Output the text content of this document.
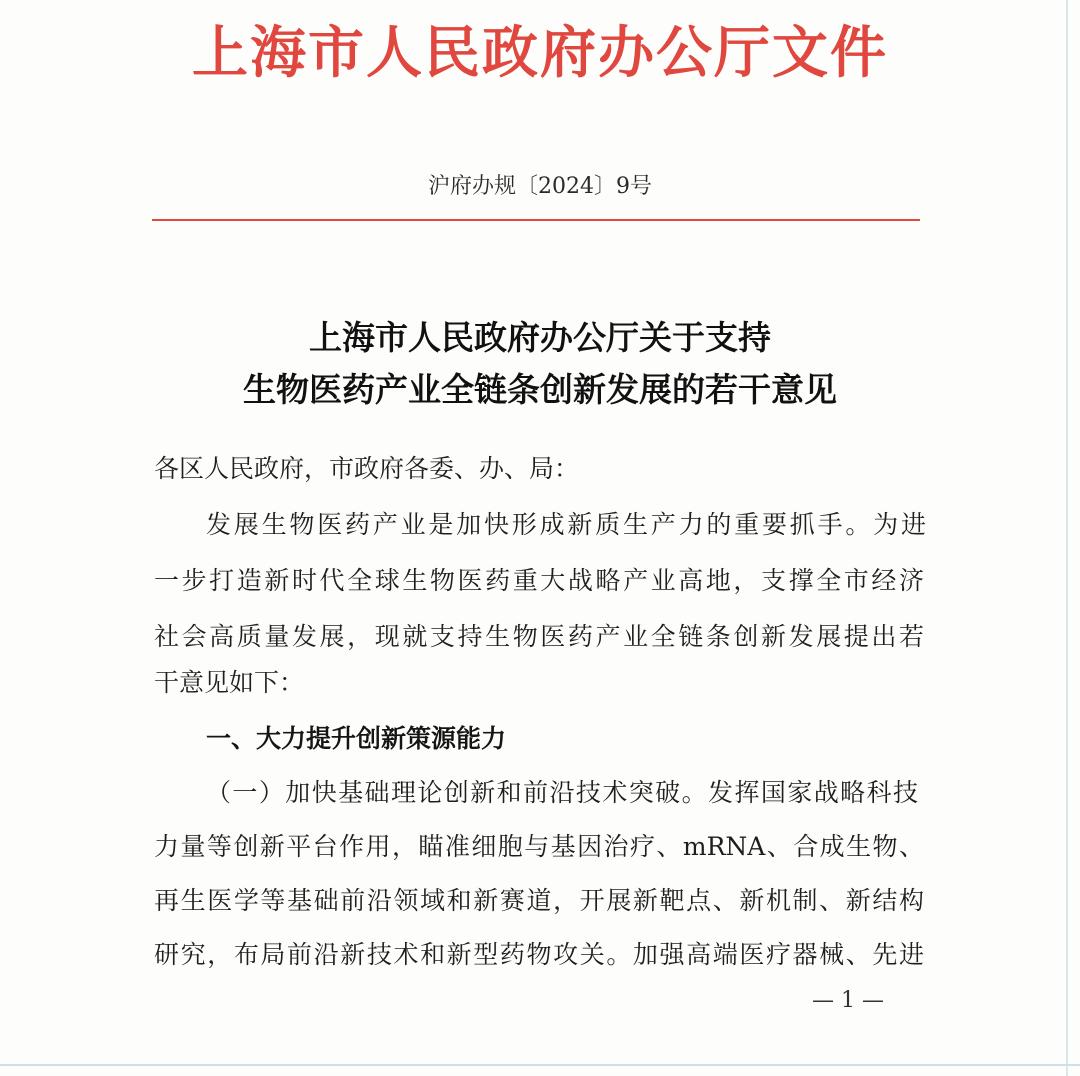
上海市人民政府办公厅文件
沪府办规〔2024〕9号
上海市人民政府办公厅关于支持
生物医药产业全链条创新发展的若干意见
各区人民政府，市政府各委、办、局：
发展生物医药产业是加快形成新质生产力的重要抓手。为进
一步打造新时代全球生物医药重大战略产业高地，支撑全市经济
社会高质量发展，现就支持生物医药产业全链条创新发展提出若
干意见如下：
一、大力提升创新策源能力
（一）加快基础理论创新和前沿技术突破。发挥国家战略科技
力量等创新平台作用，瞄准细胞与基因治疗、mRNA、合成生物、
再生医学等基础前沿领域和新赛道，开展新靶点、新机制、新结构
研究，布局前沿新技术和新型药物攻关。加强高端医疗器械、先进
— 1 —
